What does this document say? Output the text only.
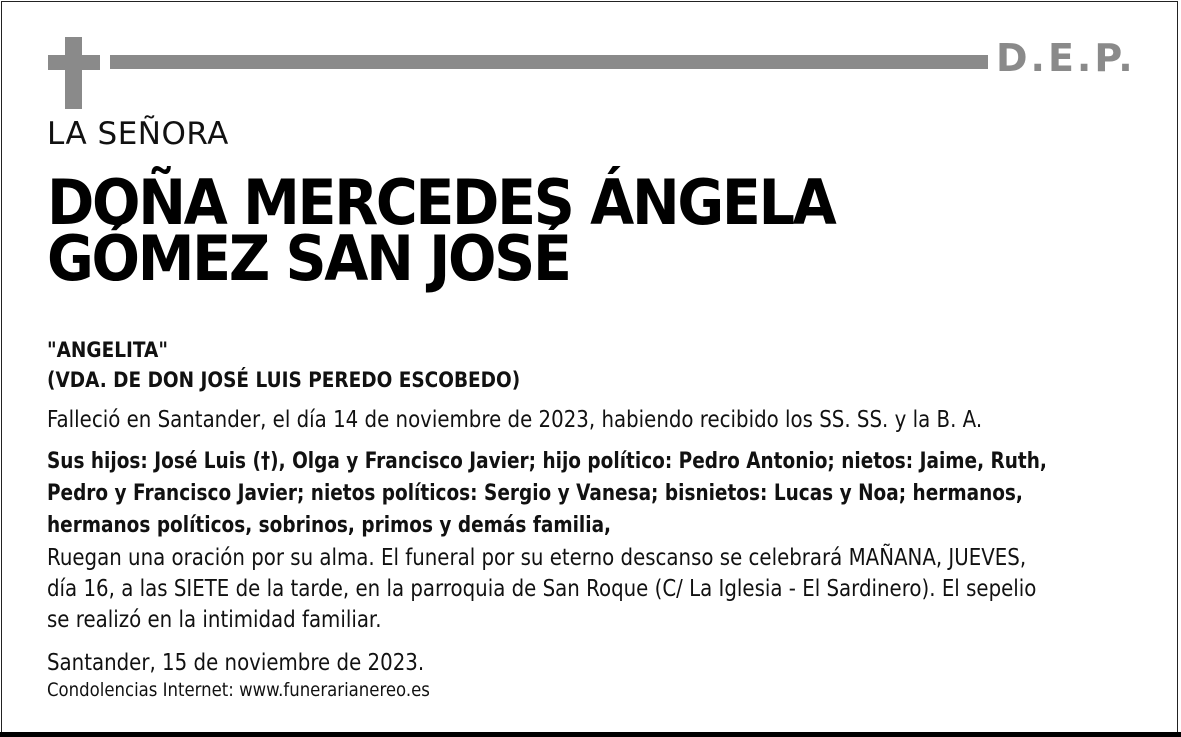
D.E.P.
LA SEÑORA
DOÑA MERCEDES ÁNGELA
GÓMEZ SAN JOSÉ
"ANGELITA"
(VDA. DE DON JOSÉ LUIS PEREDO ESCOBEDO)
Falleció en Santander, el día 14 de noviembre de 2023, habiendo recibido los SS. SS. y la B. A.
Sus hijos: José Luis (†), Olga y Francisco Javier; hijo político: Pedro Antonio; nietos: Jaime, Ruth,
Pedro y Francisco Javier; nietos políticos: Sergio y Vanesa; bisnietos: Lucas y Noa; hermanos,
hermanos políticos, sobrinos, primos y demás familia,
Ruegan una oración por su alma. El funeral por su eterno descanso se celebrará MAÑANA, JUEVES,
día 16, a las SIETE de la tarde, en la parroquia de San Roque (C/ La Iglesia - El Sardinero). El sepelio
se realizó en la intimidad familiar.
Santander, 15 de noviembre de 2023.
Condolencias Internet: www.funerarianereo.es
